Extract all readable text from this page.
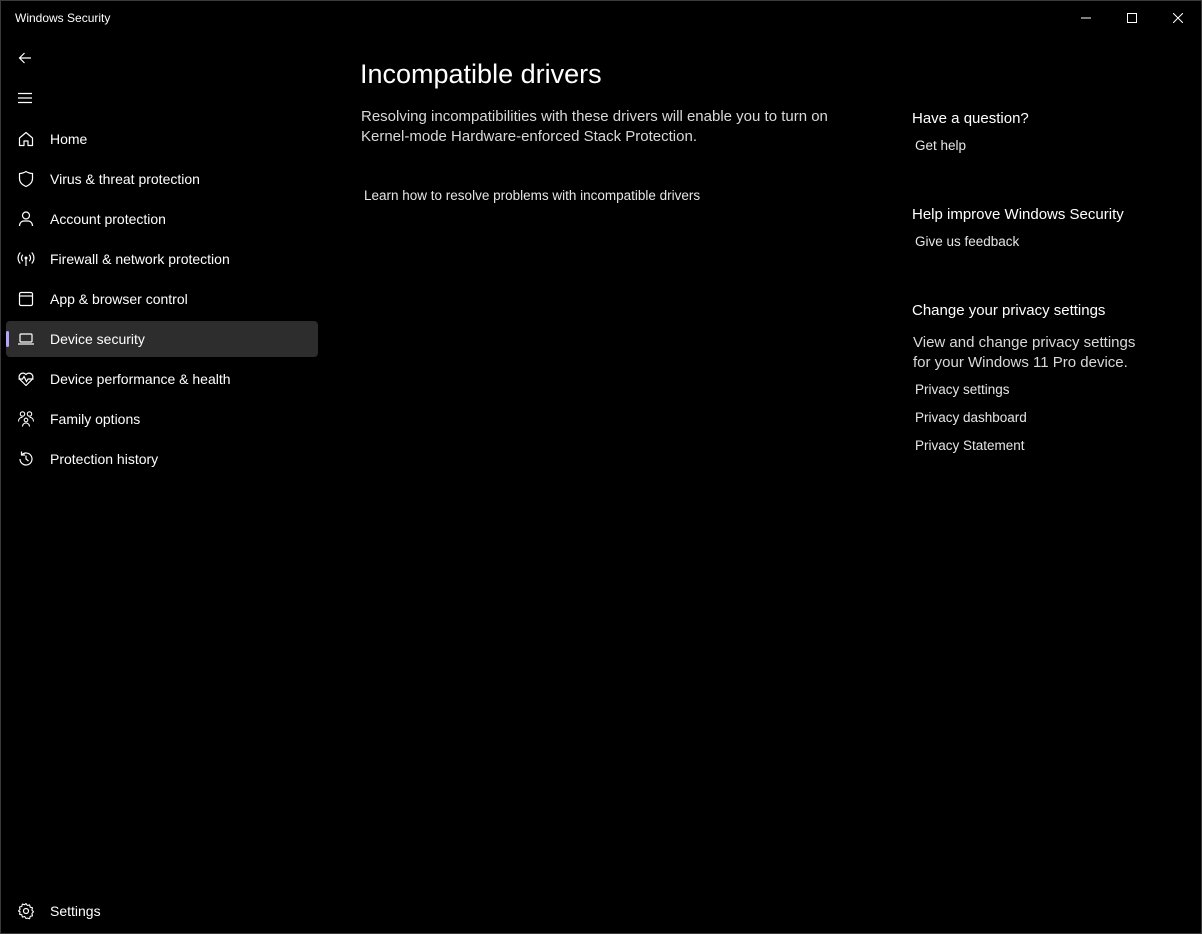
Windows Security
Home
Virus & threat protection
Account protection
Firewall & network protection
App & browser control
Device security
Device performance & health
Family options
Protection history
Settings
Incompatible drivers
Resolving incompatibilities with these drivers will enable you to turn on Kernel-mode Hardware-enforced Stack Protection.
Learn how to resolve problems with incompatible drivers
Have a question?
Get help
Help improve Windows Security
Give us feedback
Change your privacy settings
View and change privacy settings for your Windows 11 Pro device.
Privacy settings
Privacy dashboard
Privacy Statement
